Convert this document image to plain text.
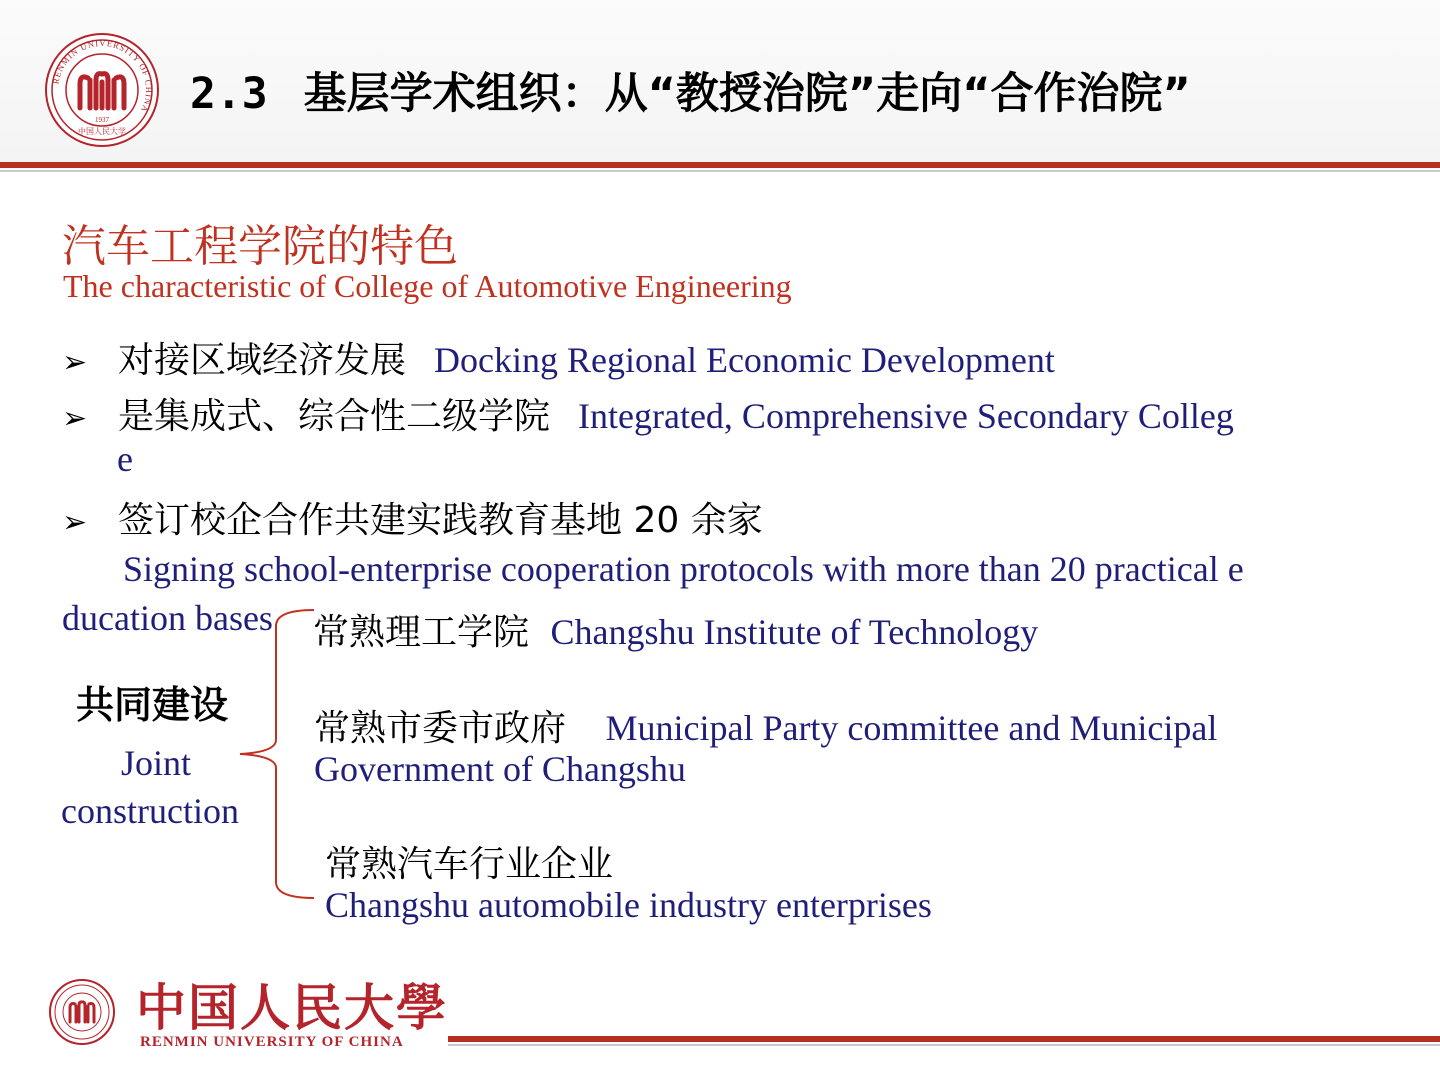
RENMIN UNIVERSITY OF CHINA
1937
中国人民大学
2.3 基层学术组织：从“教授治院”走向“合作治院”
汽车工程学院的特色
The characteristic of College of Automotive Engineering
➢ 对接区域经济发展 Docking Regional Economic Development
➢ 是集成式、综合性二级学院 Integrated, Comprehensive Secondary Colleg
e
➢ 签订校企合作共建实践教育基地 20 余家
Signing school-enterprise cooperation protocols with more than 20 practical e
ducation bases
共同建设
Joint
construction
常熟理工学院 Changshu Institute of Technology
常熟市委市政府 Municipal Party committee and Municipal
Government of Changshu
常熟汽车行业企业
Changshu automobile industry enterprises
中国人民大學
RENMIN UNIVERSITY OF CHINA
